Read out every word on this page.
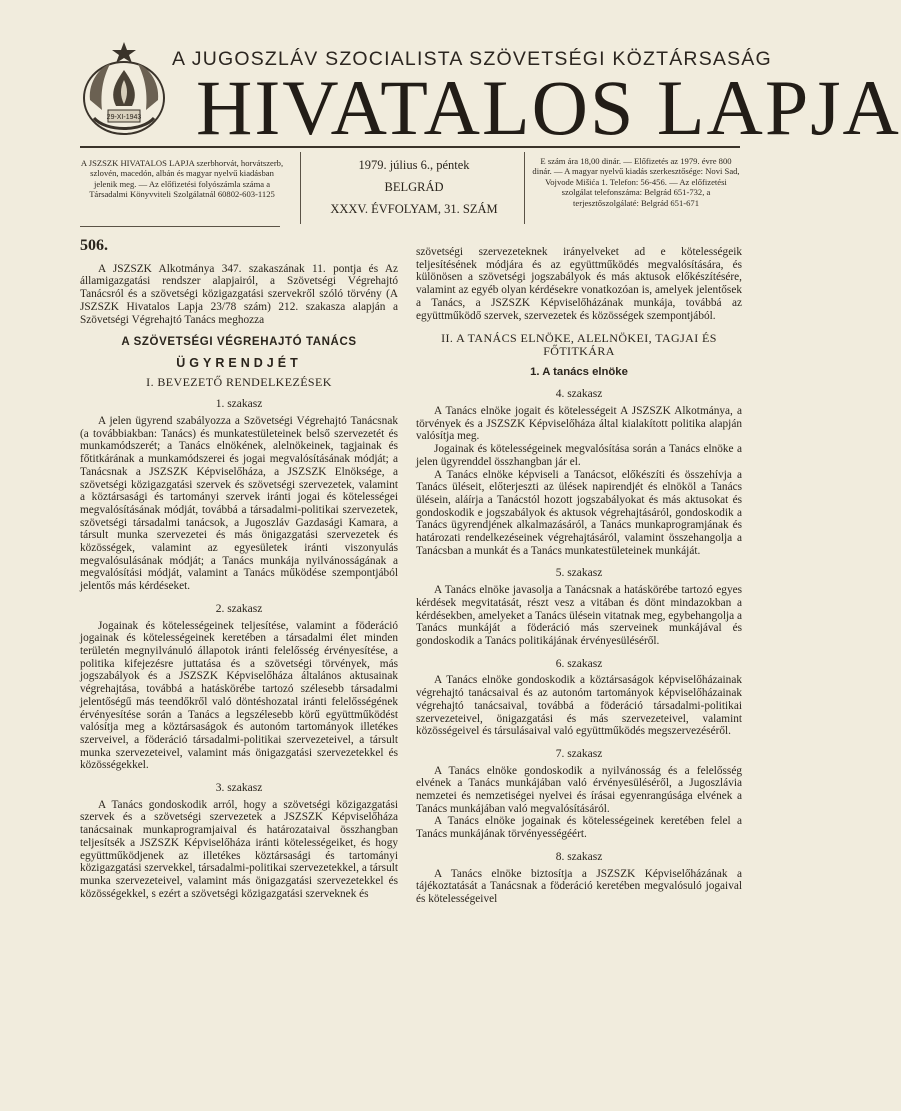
29-XI-1943
A JUGOSZLÁV SZOCIALISTA SZÖVETSÉGI KÖZTÁRSASÁG
HIVATALOS LAPJA
A JSZSZK HIVATALOS LAPJA szerbhorvát, horvátszerb, szlovén, macedón, albán és magyar nyelvű kiadásban jelenik meg. — Az előfizetési folyószámla száma a Társadalmi Könyvviteli Szolgálatnál 60802-603-1125
1979. július 6., péntek
BELGRÁD
XXXV. ÉVFOLYAM, 31. SZÁM
E szám ára 18,00 dinár. — Előfizetés az 1979. évre 800 dinár. — A magyar nyelvű kiadás szerkesztősége: Novi Sad, Vojvode Mišića 1. Telefon: 56-456. — Az előfizetési szolgálat telefonszáma: Belgrád 651-732, a terjesztőszolgálaté: Belgrád 651-671
506.

A JSZSZK Alkotmánya 347. szakaszának 11. pontja és Az államigazgatási rendszer alapjairól, a Szövetségi Végrehajtó Tanácsról és a szövetségi közigazgatási szervekről szóló törvény (A JSZSZK Hivatalos Lapja 23/78 szám) 212. szakasza alapján a Szövetségi Végrehajtó Tanács meghozza

A SZÖVETSÉGI VÉGREHAJTÓ TANÁCS
ÜGYRENDJÉT
I. BEVEZETŐ RENDELKEZÉSEK
1. szakasz

A jelen ügyrend szabályozza a Szövetségi Végrehajtó Tanácsnak (a továbbiakban: Tanács) és munkatestületeinek belső szervezetét és munkamódszerét; a Tanács elnökének, alelnökeinek, tagjainak és főtitkárának a munkamódszerei és jogai megvalósításának módját; a Tanácsnak a JSZSZK Képviselőháza, a JSZSZK Elnöksége, a szövetségi közigazgatási szervek és szövetségi szervezetek, valamint a köztársasági és tartományi szervek iránti jogai és kötelességei megvalósításának módját, továbbá a társadalmi-politikai szervezetek, szövetségi társadalmi tanácsok, a Jugoszláv Gazdasági Kamara, a társult munka szervezetei és más önigazgatási szervezetek és közösségek, valamint az egyesületek iránti viszonyulás megvalósulásának módját; a Tanács munkája nyilvánosságának a megvalósítási módját, valamint a Tanács működése szempontjából jelentős más kérdéseket.

2. szakasz

Jogainak és kötelességeinek teljesítése, valamint a föderáció jogainak és kötelességeinek keretében a társadalmi élet minden területén megnyilvánuló állapotok iránti felelősség érvényesítése, a politika kifejezésre juttatása és a szövetségi törvények, más jogszabályok és a JSZSZK Képviselőháza általános aktusainak végrehajtása, továbbá a hatáskörébe tartozó szélesebb társadalmi jelentőségű más teendőkről való döntéshozatal iránti felelősségének érvényesítése során a Tanács a legszélesebb körű együttműködést valósítja meg a köztársaságok és autonóm tartományok illetékes szerveivel, a föderáció társadalmi-politikai szervezeteivel, a társult munka szervezeteivel, valamint más önigazgatási szervezetekkel és közösségekkel.

3. szakasz

A Tanács gondoskodik arról, hogy a szövetségi közigazgatási szervek és a szövetségi szervezetek a JSZSZK Képviselőháza tanácsainak munkaprogramjaival és határozataival összhangban teljesítsék a JSZSZK Képviselőháza iránti kötelességeiket, és hogy együttműködjenek az illetékes köztársasági és tartományi közigazgatási szervekkel, társadalmi-politikai szervezetekkel, a társult munka szervezeteivel, valamint más önigazgatási szervezetekkel és közösségekkel, s ezért a szövetségi közigazgatási szerveknek és

szövetségi szervezeteknek irányelveket ad e kötelességeik teljesítésének módjára és az együttműködés megvalósítására, és különösen a szövetségi jogszabályok és más aktusok előkészítésére, valamint az egyéb olyan kérdésekre vonatkozóan is, amelyek jelentősek a Tanács, a JSZSZK Képviselőházának munkája, továbbá az együttműködő szervek, szervezetek és közösségek szempontjából.

II. A TANÁCS ELNÖKE, ALELNÖKEI, TAGJAI ÉS FŐTITKÁRA
1. A tanács elnöke
4. szakasz

A Tanács elnöke jogait és kötelességeit A JSZSZK Alkotmánya, a törvények és a JSZSZK Képviselőháza által kialakított politika alapján valósítja meg.

Jogainak és kötelességeinek megvalósítása során a Tanács elnöke a jelen ügyrenddel összhangban jár el.

A Tanács elnöke képviseli a Tanácsot, előkészíti és összehívja a Tanács üléseit, előterjeszti az ülések napirendjét és elnököl a Tanács ülésein, aláírja a Tanácstól hozott jogszabályokat és más aktusokat és gondoskodik e jogszabályok és aktusok végrehajtásáról, gondoskodik a Tanács ügyrendjének alkalmazásáról, a Tanács munkaprogramjának és határozati rendelkezéseinek végrehajtásáról, valamint összehangolja a Tanácsban a munkát és a Tanács munkatestületeinek munkáját.

5. szakasz

A Tanács elnöke javasolja a Tanácsnak a hatáskörébe tartozó egyes kérdések megvitatását, részt vesz a vitában és dönt mindazokban a kérdésekben, amelyeket a Tanács ülésein vitatnak meg, egybehangolja a Tanács munkáját a föderáció más szerveinek munkájával és gondoskodik a Tanács politikájának érvényesüléséről.

6. szakasz

A Tanács elnöke gondoskodik a köztársaságok képviselőházainak végrehajtó tanácsaival és az autonóm tartományok képviselőházainak végrehajtó tanácsaival, továbbá a föderáció társadalmi-politikai szervezeteivel, önigazgatási és más szervezeteivel, valamint közösségeivel és társulásaival való együttműködés megszervezéséről.

7. szakasz

A Tanács elnöke gondoskodik a nyilvánosság és a felelősség elvének a Tanács munkájában való érvényesüléséről, a Jugoszlávia nemzetei és nemzetiségei nyelvei és írásai egyenrangúsága elvének a Tanács munkájában való megvalósításáról.

A Tanács elnöke jogainak és kötelességeinek keretében felel a Tanács munkájának törvényességéért.

8. szakasz

A Tanács elnöke biztosítja a JSZSZK Képviselőházának a tájékoztatását a Tanácsnak a föderáció keretében megvalósuló jogaival és kötelességeivel
